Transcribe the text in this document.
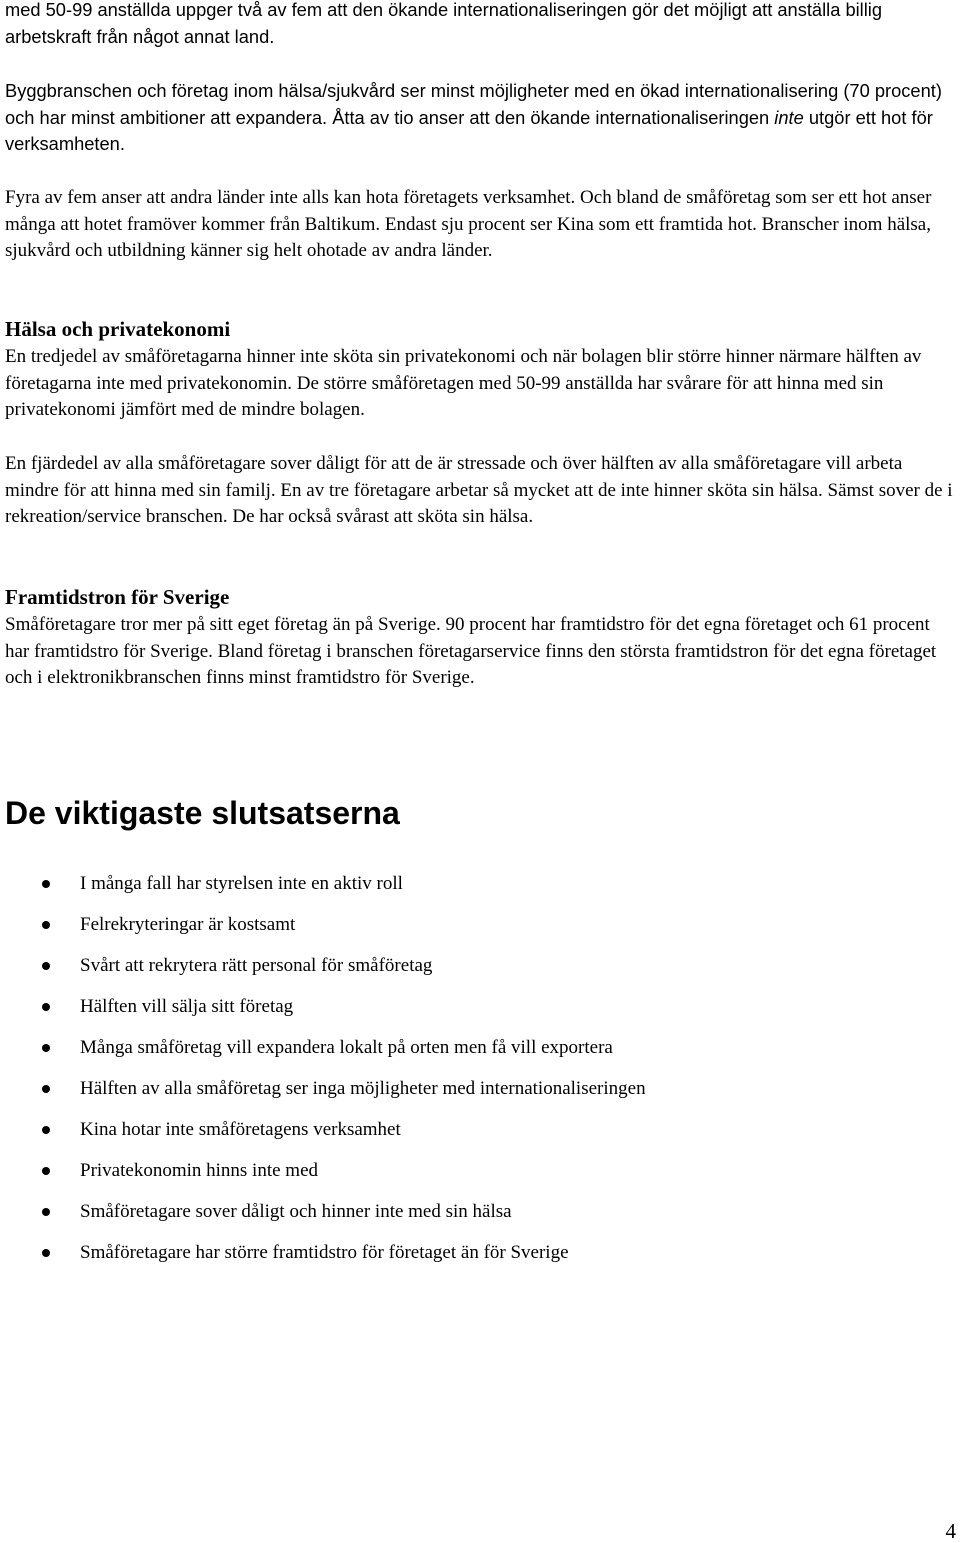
med 50-99 anställda uppger två av fem att den ökande internationaliseringen gör det möjligt att anställa billig arbetskraft från något annat land.

Byggbranschen och företag inom hälsa/sjukvård ser minst möjligheter med en ökad internationalisering (70 procent) och har minst ambitioner att expandera. Åtta av tio anser att den ökande internationaliseringen inte utgör ett hot för verksamheten.

Fyra av fem anser att andra länder inte alls kan hota företagets verksamhet. Och bland de småföretag som ser ett hot anser många att hotet framöver kommer från Baltikum. Endast sju procent ser Kina som ett framtida hot. Branscher inom hälsa, sjukvård och utbildning känner sig helt ohotade av andra länder.

Hälsa och privatekonomi

En tredjedel av småföretagarna hinner inte sköta sin privatekonomi och när bolagen blir större hinner närmare hälften av företagarna inte med privatekonomin. De större småföretagen med 50-99 anställda har svårare för att hinna med sin privatekonomi jämfört med de mindre bolagen.

En fjärdedel av alla småföretagare sover dåligt för att de är stressade och över hälften av alla småföretagare vill arbeta mindre för att hinna med sin familj. En av tre företagare arbetar så mycket att de inte hinner sköta sin hälsa. Sämst sover de i rekreation/service branschen. De har också svårast att sköta sin hälsa.

Framtidstron för Sverige

Småföretagare tror mer på sitt eget företag än på Sverige. 90 procent har framtidstro för det egna företaget och 61 procent har framtidstro för Sverige. Bland företag i branschen företagarservice finns den största framtidstron för det egna företaget och i elektronikbranschen finns minst framtidstro för Sverige.

De viktigaste slutsatserna
I många fall har styrelsen inte en aktiv roll
Felrekryteringar är kostsamt
Svårt att rekrytera rätt personal för småföretag
Hälften vill sälja sitt företag
Många småföretag vill expandera lokalt på orten men få vill exportera
Hälften av alla småföretag ser inga möjligheter med internationaliseringen
Kina hotar inte småföretagens verksamhet
Privatekonomin hinns inte med
Småföretagare sover dåligt och hinner inte med sin hälsa
Småföretagare har större framtidstro för företaget än för Sverige

4
